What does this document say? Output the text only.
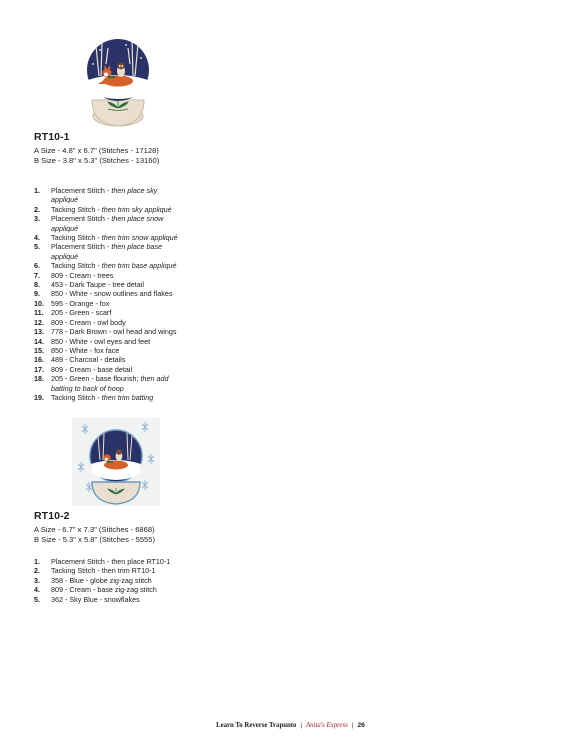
RT10-1
A Size - 4.8" x 6.7" (Stitches - 17128)
B Size - 3.8" x 5.3" (Stitches - 13160)
1. Placement Stitch - then place sky
appliqué
2. Tacking Stitch - then trim sky appliqué
3. Placement Stitch - then place snow
appliqué
4. Tacking Stitch - then trim snow appliqué
5. Placement Stitch - then place base
appliqué
6. Tacking Stitch - then trim base appliqué
7. 809 - Cream - trees
8. 453 - Dark Taupe - tree detail
9. 850 - White - snow outlines and flakes
10. 595 - Orange - fox
11. 205 - Green - scarf
12. 809 - Cream - owl body
13. 778 - Dark Brown - owl head and wings
14. 850 - White - owl eyes and feet
15. 850 - White - fox face
16. 489 - Charcoal - details
17. 809 - Cream - base detail
18. 205 - Green - base flourish; then add
batting to back of hoop
19. Tacking Stitch - then trim batting
RT10-2
A Size - 6.7" x 7.3" (Stitches - 6868)
B Size - 5.3" x 5.8" (Stitches - 5555)
1. Placement Stitch - then place RT10-1
2. Tacking Stitch - then trim RT10-1
3. 358 - Blue - globe zig-zag stitch
4. 809 - Cream - base zig-zag stitch
5. 362 - Sky Blue - snowflakes
Learn To Reverse Trapunto | Anita's Express | 26
